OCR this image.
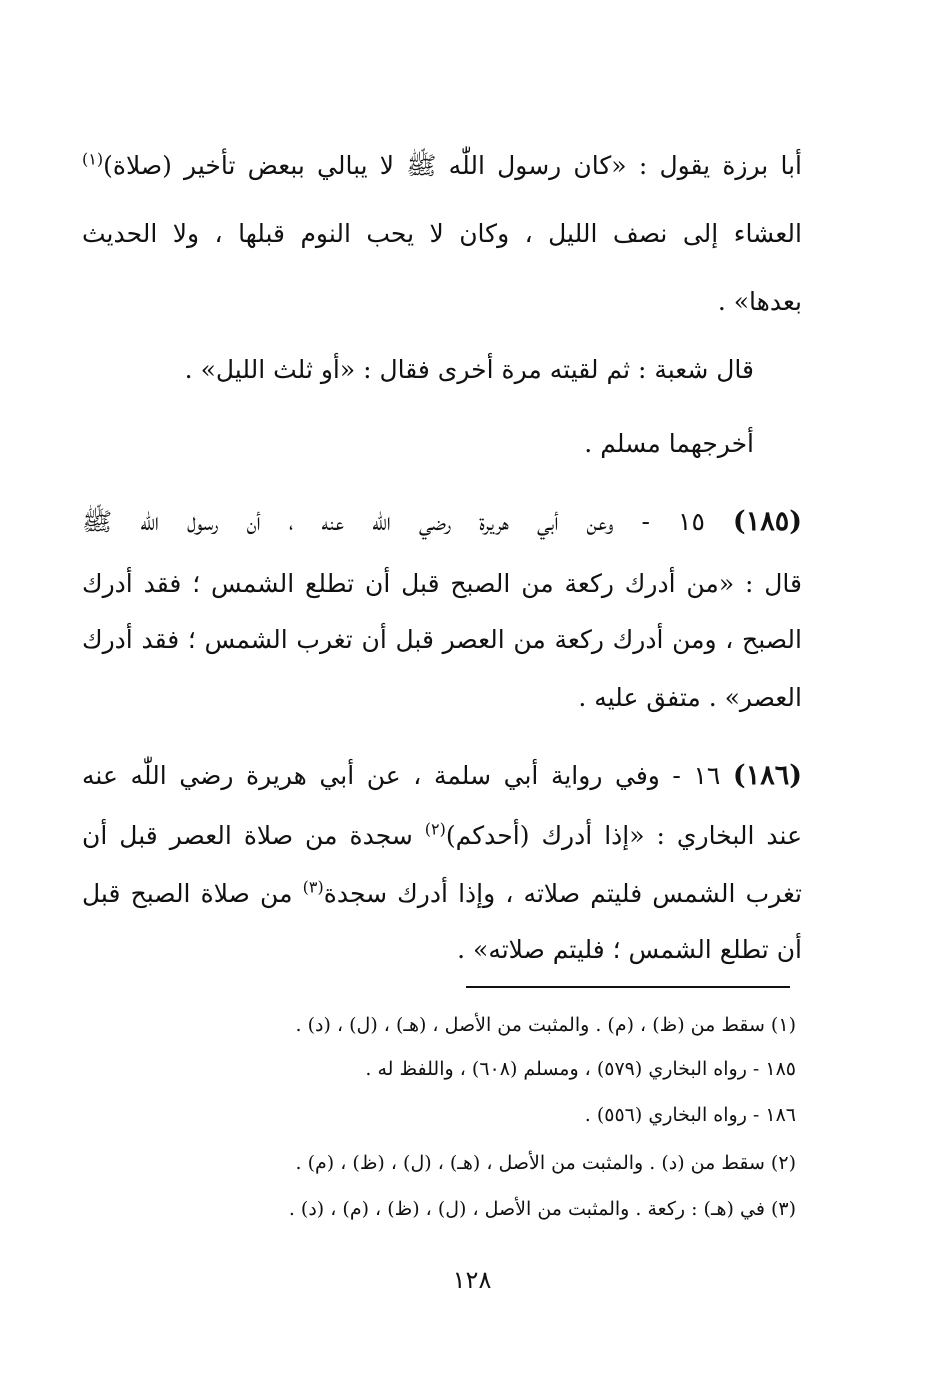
أبا برزة يقول : «كان رسول اللّٰه ﷺ لا يبالي ببعض تأخير (صلاة)$^{(١)}$
العشاء إلى نصف الليل ، وكان لا يحب النوم قبلها ، ولا الحديث
بعدها» .
قال شعبة : ثم لقيته مرة أخرى فقال : «أو ثلث الليل» .
أخرجهما مسلم .
(١٨٥) ١٥ - وعن أبي هريرة رضي اللّٰه عنه ، أن رسول اللّٰه ﷺ
قال : «من أدرك ركعة من الصبح قبل أن تطلع الشمس ؛ فقد أدرك
الصبح ، ومن أدرك ركعة من العصر قبل أن تغرب الشمس ؛ فقد أدرك
العصر» . متفق عليه .
(١٨٦) ١٦ - وفي رواية أبي سلمة ، عن أبي هريرة رضي اللّٰه عنه
عند البخاري : «إذا أدرك (أحدكم)$^{(٢)}$ سجدة من صلاة العصر قبل أن
تغرب الشمس فليتم صلاته ، وإذا أدرك سجدة$^{(٣)}$ من صلاة الصبح قبل
أن تطلع الشمس ؛ فليتم صلاته» .
(١) سقط من (ظ) ، (م) . والمثبت من الأصل ، (هـ) ، (ل) ، (د) .
١٨٥ - رواه البخاري (٥٧٩) ، ومسلم (٦٠٨) ، واللفظ له .
١٨٦ - رواه البخاري (٥٥٦) .
(٢) سقط من (د) . والمثبت من الأصل ، (هـ) ، (ل) ، (ظ) ، (م) .
(٣) في (هـ) : ركعة . والمثبت من الأصل ، (ل) ، (ظ) ، (م) ، (د) .
١٢٨
